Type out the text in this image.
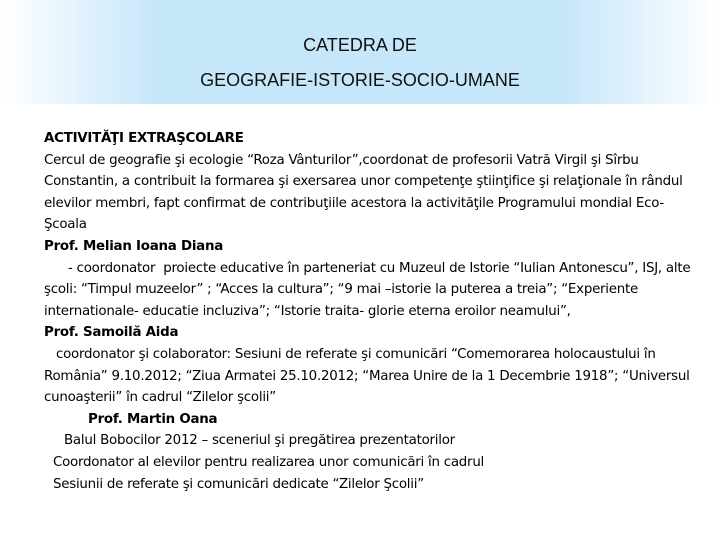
CATEDRA DE
GEOGRAFIE-ISTORIE-SOCIO-UMANE
ACTIVITĂŢI EXTRAŞCOLARE
Cercul de geografie şi ecologie “Roza Vânturilor”,coordonat de profesorii Vatră Virgil şi Sîrbu Constantin, a contribuit la formarea şi exersarea unor competenţe ştiinţifice şi relaţionale în rândul elevilor membri, fapt confirmat de contribuţiile acestora la activităţile Programului mondial Eco-Şcoala
Prof. Melian Ioana Diana
- coordonator  proiecte educative în parteneriat cu Muzeul de Istorie “Iulian Antonescu”, ISJ, alte şcoli: “Timpul muzeelor” ; “Acces la cultura”; “9 mai –istorie la puterea a treia”; “Experiente internationale- educatie incluziva”; “Istorie traita- glorie eterna eroilor neamului”,
Prof. Samoilă Aida
coordonator şi colaborator: Sesiuni de referate şi comunicări “Comemorarea holocaustului în România” 9.10.2012; “Ziua Armatei 25.10.2012; “Marea Unire de la 1 Decembrie 1918”; “Universul cunoaşterii” în cadrul “Zilelor şcolii”
Prof. Martin Oana
Balul Bobocilor 2012 – sceneriul şi pregătirea prezentatorilor
Coordonator al elevilor pentru realizarea unor comunicări în cadrul
Sesiunii de referate şi comunicări dedicate “Zilelor Şcolii”
